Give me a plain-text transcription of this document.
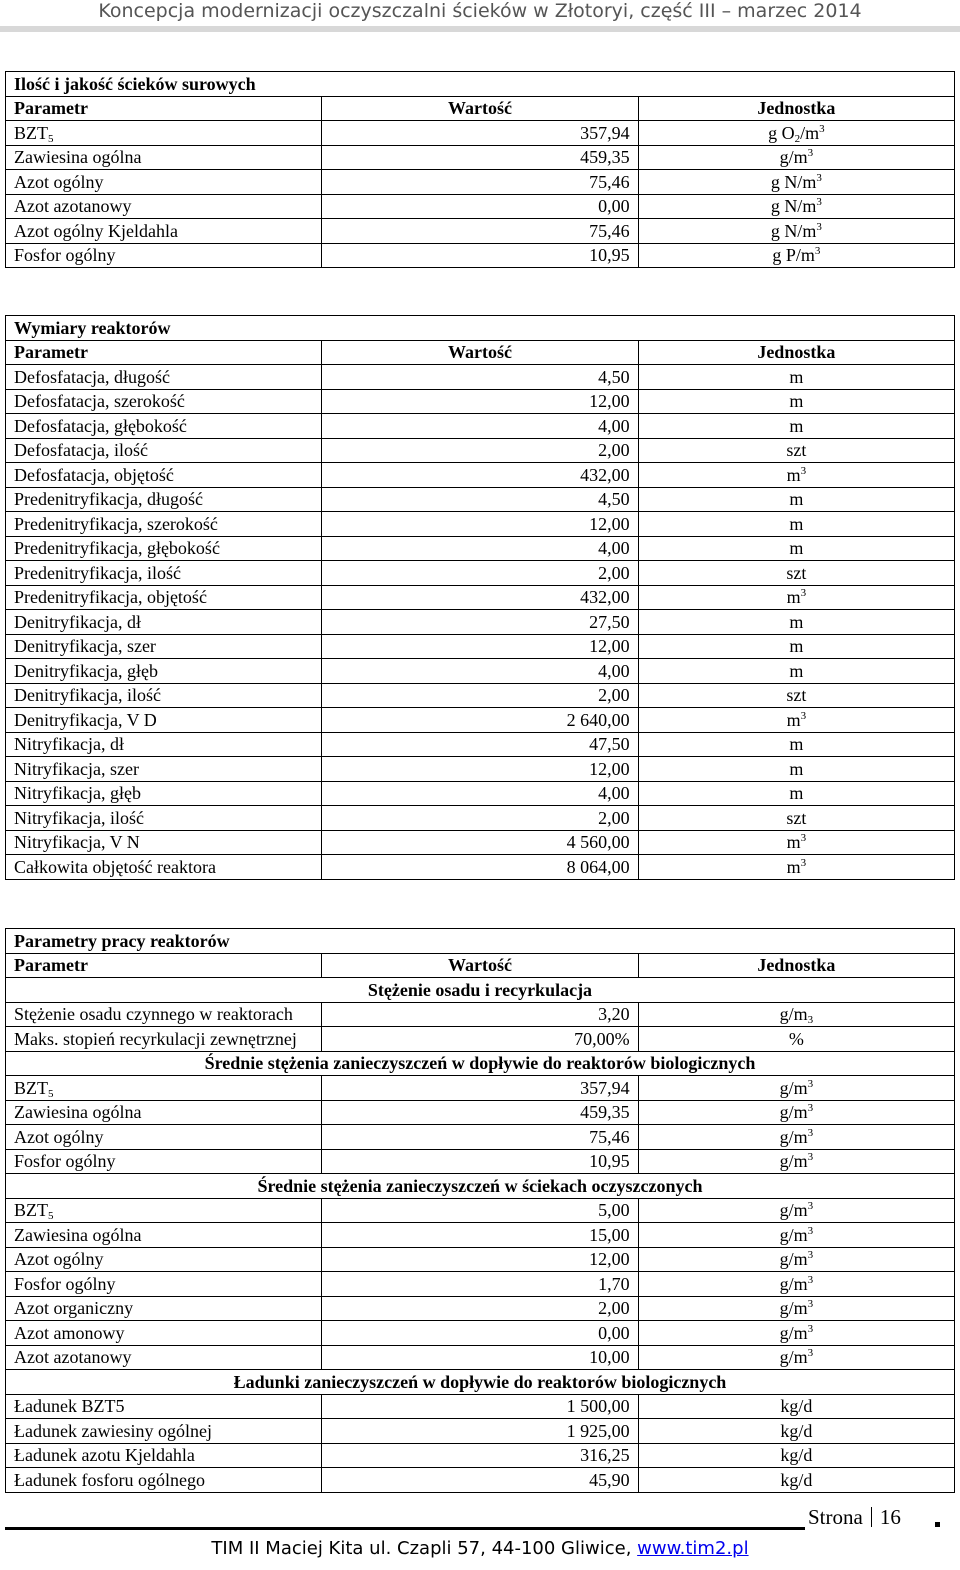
Koncepcja modernizacji oczyszczalni ścieków w Złotoryi, część III – marzec 2014
Ilość i jakość ścieków surowych		
Parametr	Wartość	Jednostka
$BZT_5$	357,94	g $O_2/m^3$
Zawiesina ogólna	459,35	$g/m^3$
Azot ogólny	75,46	g $N/m^3$
Azot azotanowy	0,00	g $N/m^3$
Azot ogólny Kjeldahla	75,46	g $N/m^3$
Fosfor ogólny	10,95	g $P/m^3$
Wymiary reaktorów		
Parametr	Wartość	Jednostka
Defosfatacja, długość	4,50	m
Defosfatacja, szerokość	12,00	m
Defosfatacja, głębokość	4,00	m
Defosfatacja, ilość	2,00	szt
Defosfatacja, objętość	432,00	$m^3$
Predenitryfikacja, długość	4,50	m
Predenitryfikacja, szerokość	12,00	m
Predenitryfikacja, głębokość	4,00	m
Predenitryfikacja, ilość	2,00	szt
Predenitryfikacja, objętość	432,00	$m^3$
Denitryfikacja, dł	27,50	m
Denitryfikacja, szer	12,00	m
Denitryfikacja, głęb	4,00	m
Denitryfikacja, ilość	2,00	szt
Denitryfikacja, V D	2 640,00	$m^3$
Nitryfikacja, dł	47,50	m
Nitryfikacja, szer	12,00	m
Nitryfikacja, głęb	4,00	m
Nitryfikacja, ilość	2,00	szt
Nitryfikacja, V N	4 560,00	$m^3$
Całkowita objętość reaktora	8 064,00	$m^3$
Parametry pracy reaktorów		
Parametr	Wartość	Jednostka
Stężenie osadu i recyrkulacja		
Stężenie osadu czynnego w reaktorach	3,20	$g/m_3$
Maks. stopień recyrkulacji zewnętrznej	70,00%	%
Średnie stężenia zanieczyszczeń w dopływie do reaktorów biologicznych		
$BZT_5$	357,94	$g/m^3$
Zawiesina ogólna	459,35	$g/m^3$
Azot ogólny	75,46	$g/m^3$
Fosfor ogólny	10,95	$g/m^3$
Średnie stężenia zanieczyszczeń w ściekach oczyszczonych		
$BZT_5$	5,00	$g/m^3$
Zawiesina ogólna	15,00	$g/m^3$
Azot ogólny	12,00	$g/m^3$
Fosfor ogólny	1,70	$g/m^3$
Azot organiczny	2,00	$g/m^3$
Azot amonowy	0,00	$g/m^3$
Azot azotanowy	10,00	$g/m^3$
Ładunki zanieczyszczeń w dopływie do reaktorów biologicznych		
Ładunek BZT5	1 500,00	kg/d
Ładunek zawiesiny ogólnej	1 925,00	kg/d
Ładunek azotu Kjeldahla	316,25	kg/d
Ładunek fosforu ogólnego	45,90	kg/d
Strona 16
TIM II Maciej Kita ul. Czapli 57, 44-100 Gliwice, www.tim2.pl
